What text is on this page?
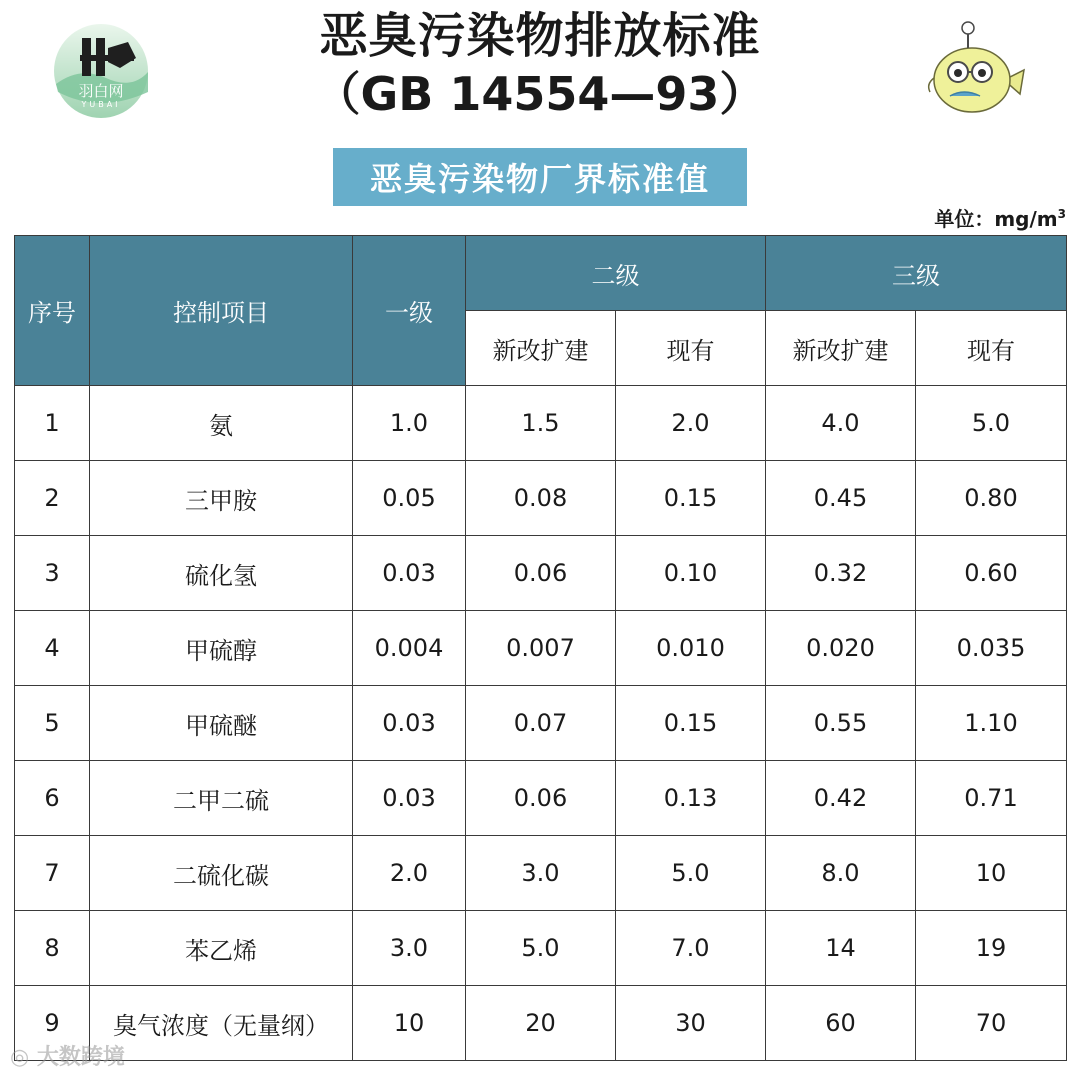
恶臭污染物排放标准
（GB 14554—93）
羽白网
YUBAI
恶臭污染物厂界标准值
单位：$mg/m^3$
序号	控制项目	一级	二级		三级	
			新改扩建	现有	新改扩建	现有
1	氨	1.0	1.5	2.0	4.0	5.0
2	三甲胺	0.05	0.08	0.15	0.45	0.80
3	硫化氢	0.03	0.06	0.10	0.32	0.60
4	甲硫醇	0.004	0.007	0.010	0.020	0.035
5	甲硫醚	0.03	0.07	0.15	0.55	1.10
6	二甲二硫	0.03	0.06	0.13	0.42	0.71
7	二硫化碳	2.0	3.0	5.0	8.0	10
8	苯乙烯	3.0	5.0	7.0	14	19
9	臭气浓度（无量纲）	10	20	30	60	70
◎ 大数跨境
